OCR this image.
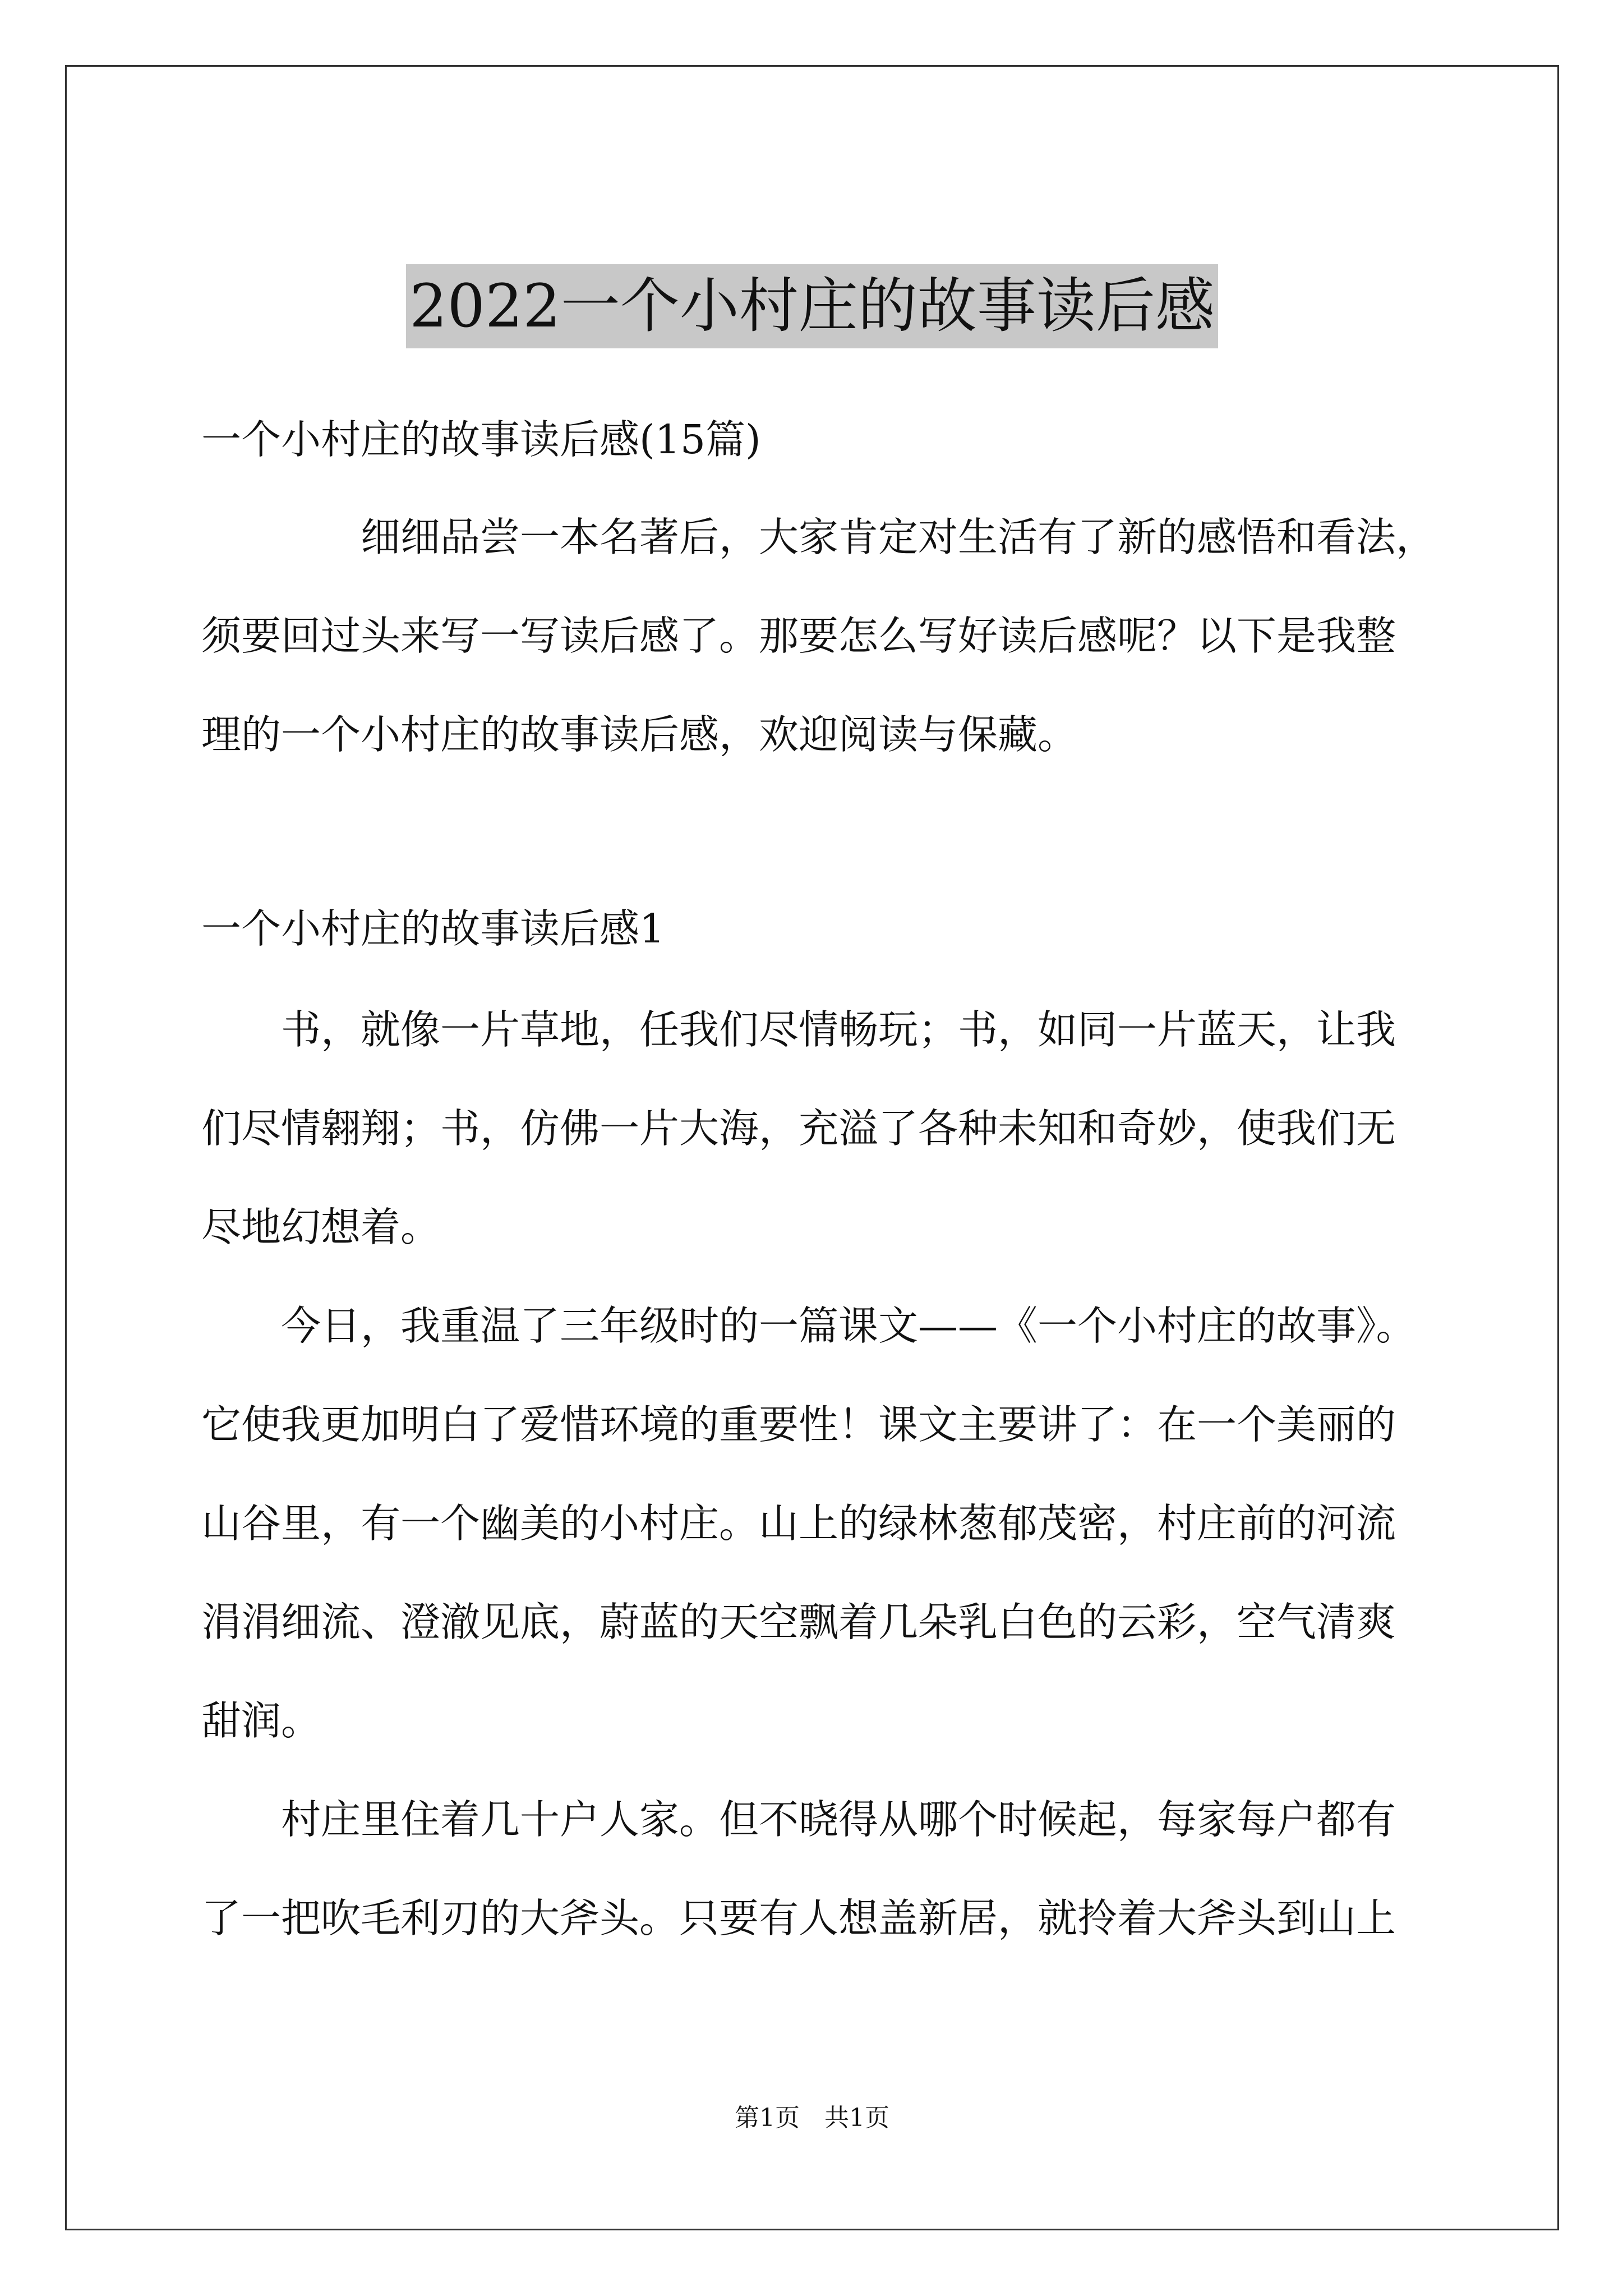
2022一个小村庄的故事读后感
一个小村庄的故事读后感(15篇)
细细品尝一本名著后，大家肯定对生活有了新的感悟和看法，
须要回过头来写一写读后感了。那要怎么写好读后感呢？以下是我整
理的一个小村庄的故事读后感，欢迎阅读与保藏。
一个小村庄的故事读后感1
书，就像一片草地，任我们尽情畅玩；书，如同一片蓝天，让我
们尽情翱翔；书，仿佛一片大海，充溢了各种未知和奇妙，使我们无
尽地幻想着。
今日，我重温了三年级时的一篇课文——《一个小村庄的故事》。
它使我更加明白了爱惜环境的重要性！课文主要讲了：在一个美丽的
山谷里，有一个幽美的小村庄。山上的绿林葱郁茂密，村庄前的河流
涓涓细流、澄澈见底，蔚蓝的天空飘着几朵乳白色的云彩，空气清爽
甜润。
村庄里住着几十户人家。但不晓得从哪个时候起，每家每户都有
了一把吹毛利刃的大斧头。只要有人想盖新居，就拎着大斧头到山上
第1页　共1页
